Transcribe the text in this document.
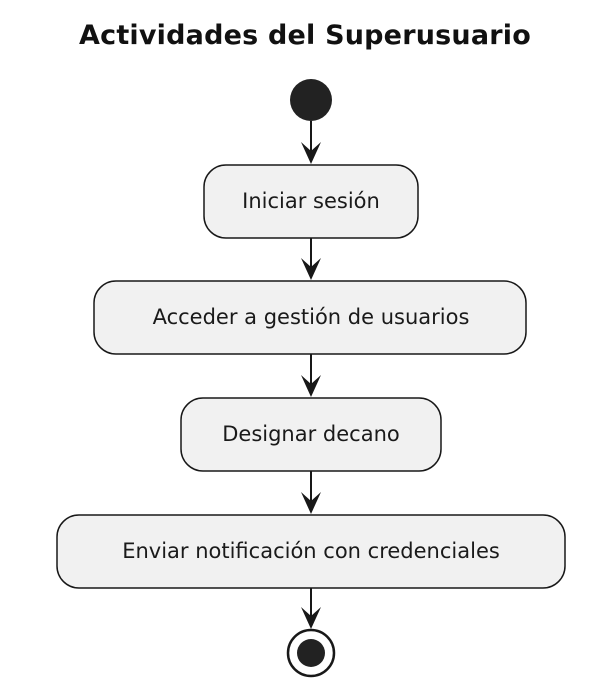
Actividades del Superusuario
Iniciar sesión
Acceder a gestión de usuarios
Designar decano
Enviar notificación con credenciales
